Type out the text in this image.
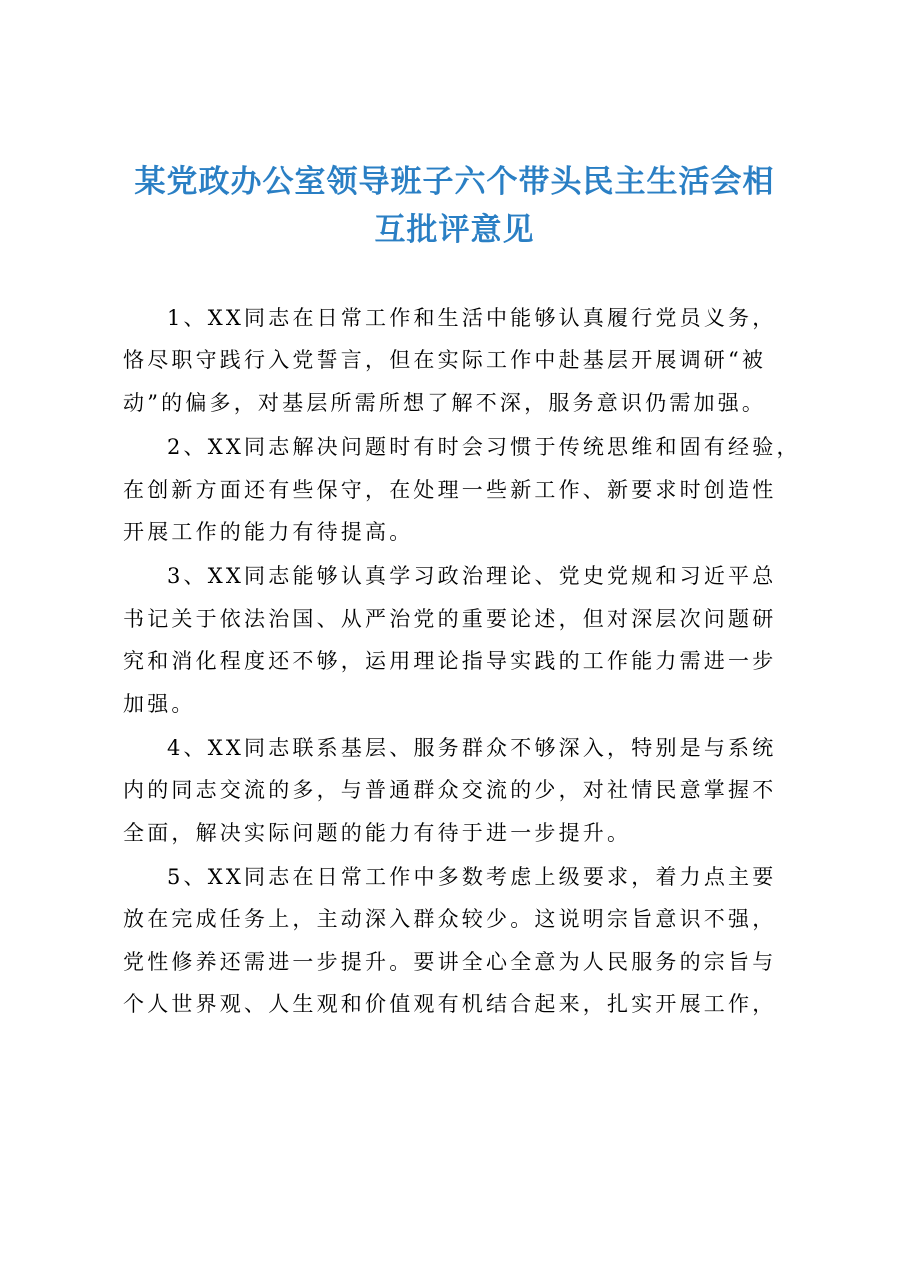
某党政办公室领导班子六个带头民主生活会相
互批评意见
1、XX同志在日常工作和生活中能够认真履行党员义务，
恪尽职守践行入党誓言，但在实际工作中赴基层开展调研“被
动”的偏多，对基层所需所想了解不深，服务意识仍需加强。
2、XX同志解决问题时有时会习惯于传统思维和固有经验，
在创新方面还有些保守，在处理一些新工作、新要求时创造性
开展工作的能力有待提高。
3、XX同志能够认真学习政治理论、党史党规和习近平总
书记关于依法治国、从严治党的重要论述，但对深层次问题研
究和消化程度还不够，运用理论指导实践的工作能力需进一步
加强。
4、XX同志联系基层、服务群众不够深入，特别是与系统
内的同志交流的多，与普通群众交流的少，对社情民意掌握不
全面，解决实际问题的能力有待于进一步提升。
5、XX同志在日常工作中多数考虑上级要求，着力点主要
放在完成任务上，主动深入群众较少。这说明宗旨意识不强，
党性修养还需进一步提升。要讲全心全意为人民服务的宗旨与
个人世界观、人生观和价值观有机结合起来，扎实开展工作，
